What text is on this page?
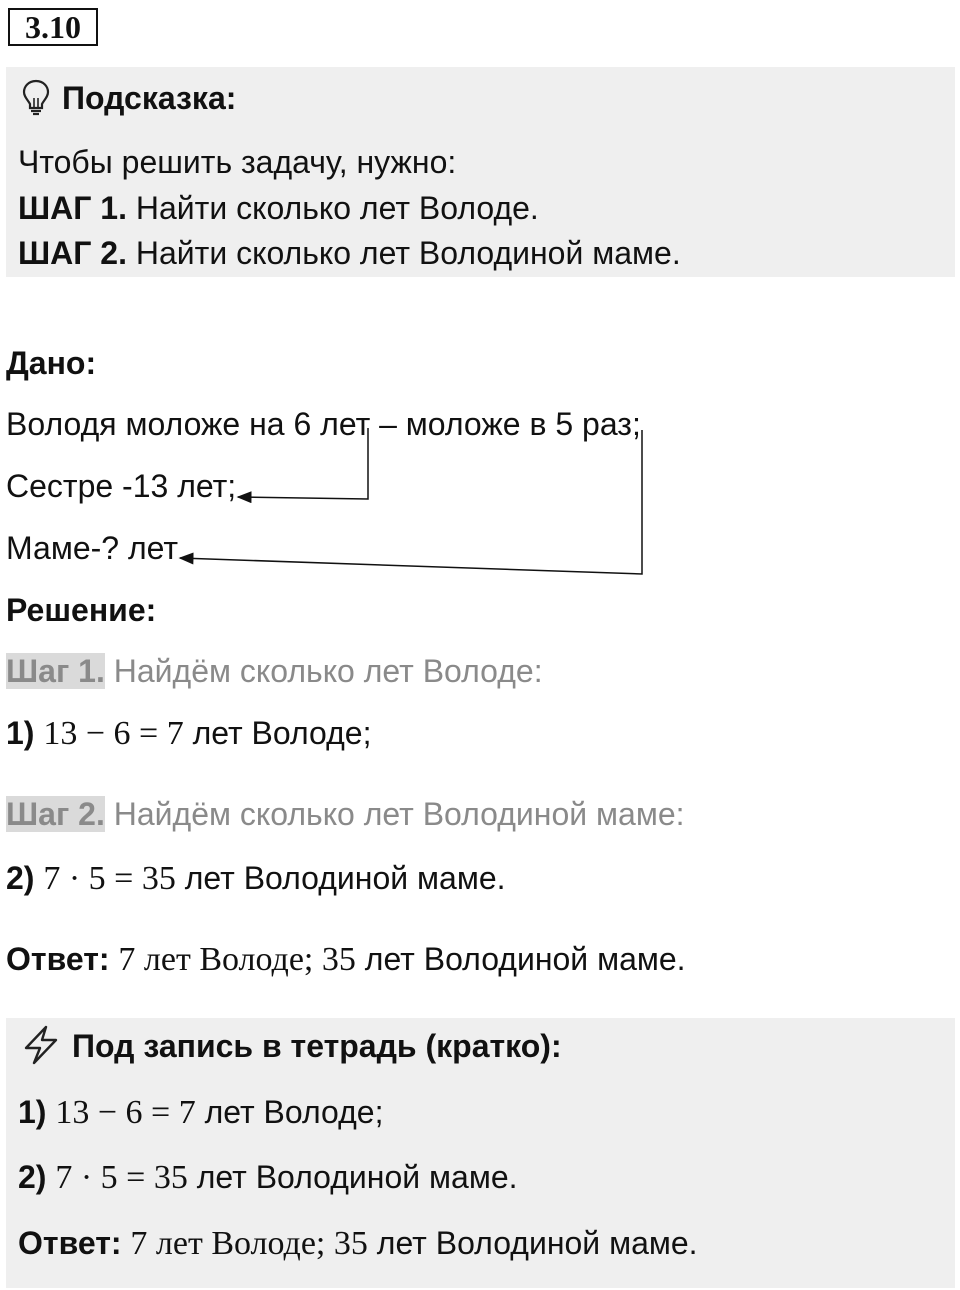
3.10
Подсказка:
Чтобы решить задачу, нужно:
ШАГ 1. Найти сколько лет Володе.
ШАГ 2. Найти сколько лет Володиной маме.
Дано:
Володя моложе на 6 лет – моложе в 5 раз;
Сестре -13 лет;
Маме-? лет
Решение:
Шаг 1. Найдём сколько лет Володе:
1) 13 − 6 = 7 лет Володе;
Шаг 2. Найдём сколько лет Володиной маме:
2) 7 · 5 = 35 лет Володиной маме.
Ответ: 7 лет Володе; 35 лет Володиной маме.
Под запись в тетрадь (кратко):
1) 13 − 6 = 7 лет Володе;
2) 7 · 5 = 35 лет Володиной маме.
Ответ: 7 лет Володе; 35 лет Володиной маме.
